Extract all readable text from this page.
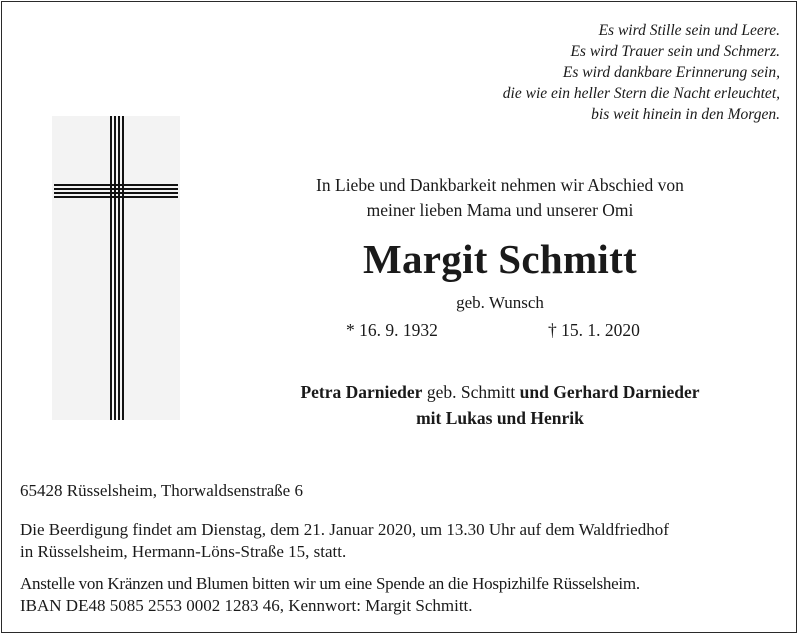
Es wird Stille sein und Leere.
Es wird Trauer sein und Schmerz.
Es wird dankbare Erinnerung sein,
die wie ein heller Stern die Nacht erleuchtet,
bis weit hinein in den Morgen.
In Liebe und Dankbarkeit nehmen wir Abschied von
meiner lieben Mama und unserer Omi
Margit Schmitt
geb. Wunsch
* 16. 9. 1932	† 15. 1. 2020
Petra Darnieder geb. Schmitt und Gerhard Darnieder
mit Lukas und Henrik
65428 Rüsselsheim, Thorwaldsenstraße 6
Die Beerdigung findet am Dienstag, dem 21. Januar 2020, um 13.30 Uhr auf dem Waldfriedhof
in Rüsselsheim, Hermann-Löns-Straße 15, statt.
Anstelle von Kränzen und Blumen bitten wir um eine Spende an die Hospizhilfe Rüsselsheim.
IBAN DE48 5085 2553 0002 1283 46, Kennwort: Margit Schmitt.
